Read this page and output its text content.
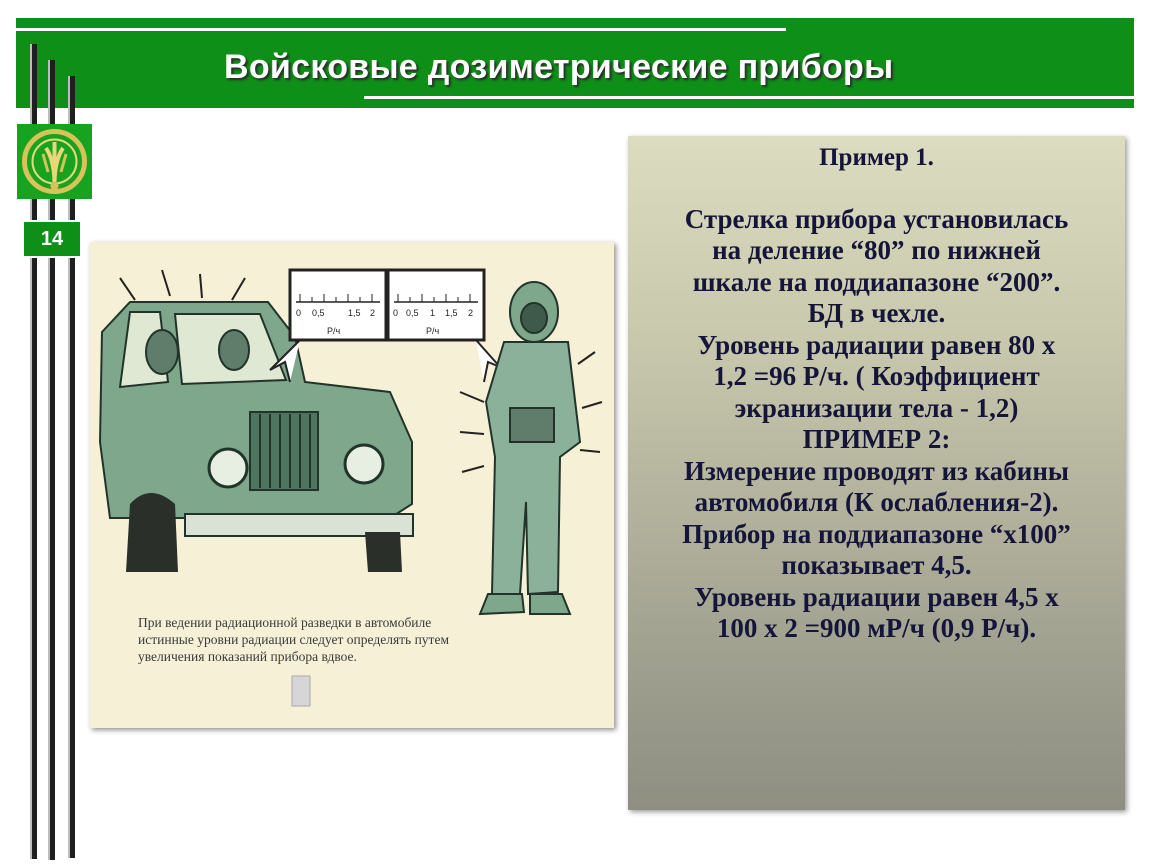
Войсковые дозиметрические приборы
14
0 0,5	1,5 2
Р/ч
0 0,5 1 1,5 2
Р/ч
При ведении радиационной разведки в автомобиле
истинные уровни радиации следует определять путем
увеличения показаний прибора вдвое.
Пример 1.
Стрелка прибора установилась
на деление “80” по нижней
шкале на поддиапазоне “200”.
БД в чехле.
Уровень радиации равен 80 х
1,2 =96 Р/ч. ( Коэффициент
экранизации тела - 1,2)
ПРИМЕР 2:
Измерение проводят из кабины
автомобиля (К ослабления-2).
Прибор на поддиапазоне “х100”
показывает 4,5.
Уровень радиации равен 4,5 х
100 х 2 =900 мР/ч (0,9 Р/ч).
